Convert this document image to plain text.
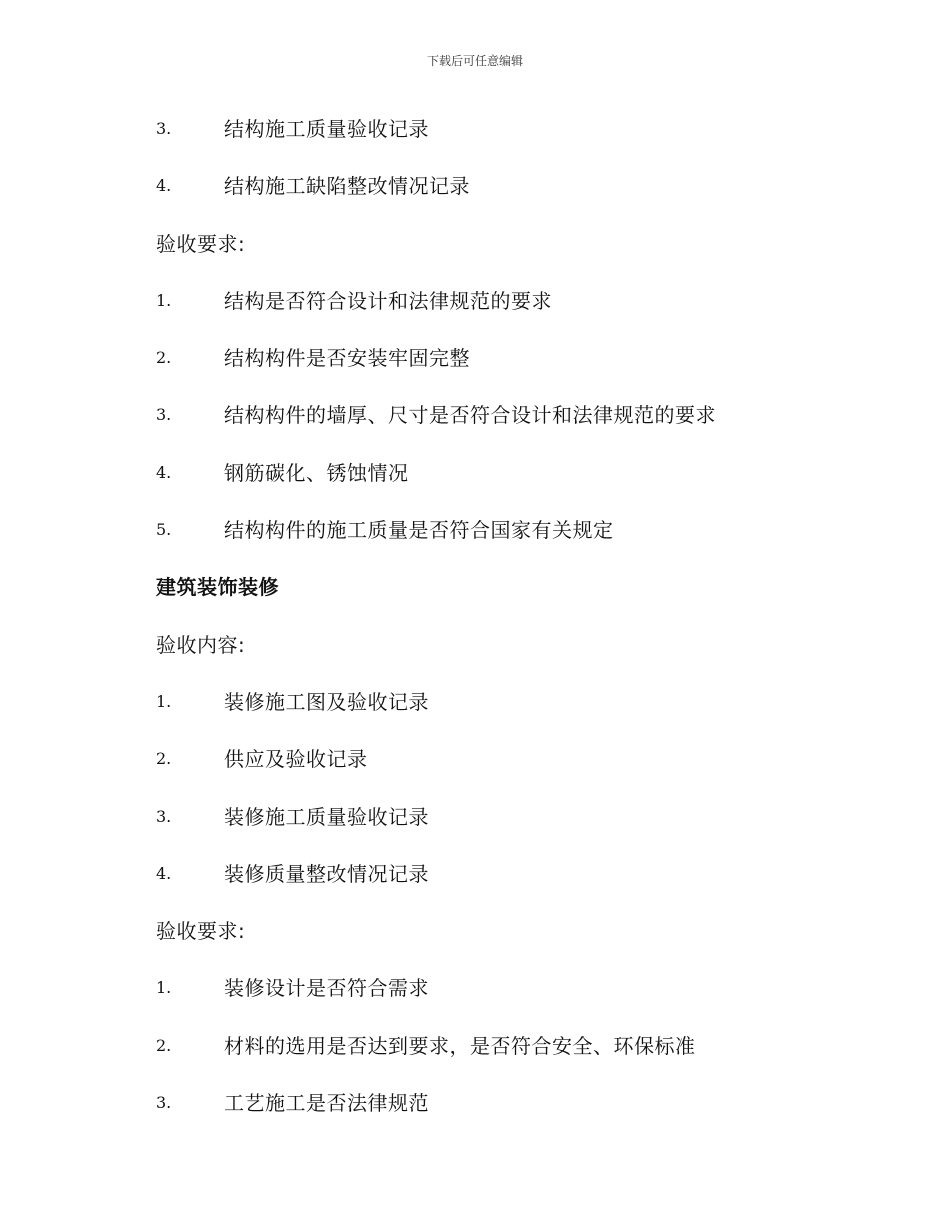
下载后可任意编辑
3.	结构施工质量验收记录
4.	结构施工缺陷整改情况记录
验收要求:
1.	结构是否符合设计和法律规范的要求
2.	结构构件是否安装牢固完整
3.	结构构件的墙厚、尺寸是否符合设计和法律规范的要求
4.	钢筋碳化、锈蚀情况
5.	结构构件的施工质量是否符合国家有关规定
建筑装饰装修
验收内容:
1.	装修施工图及验收记录
2.	供应及验收记录
3.	装修施工质量验收记录
4.	装修质量整改情况记录
验收要求:
1.	装修设计是否符合需求
2.	材料的选用是否达到要求，是否符合安全、环保标准
3.	工艺施工是否法律规范
